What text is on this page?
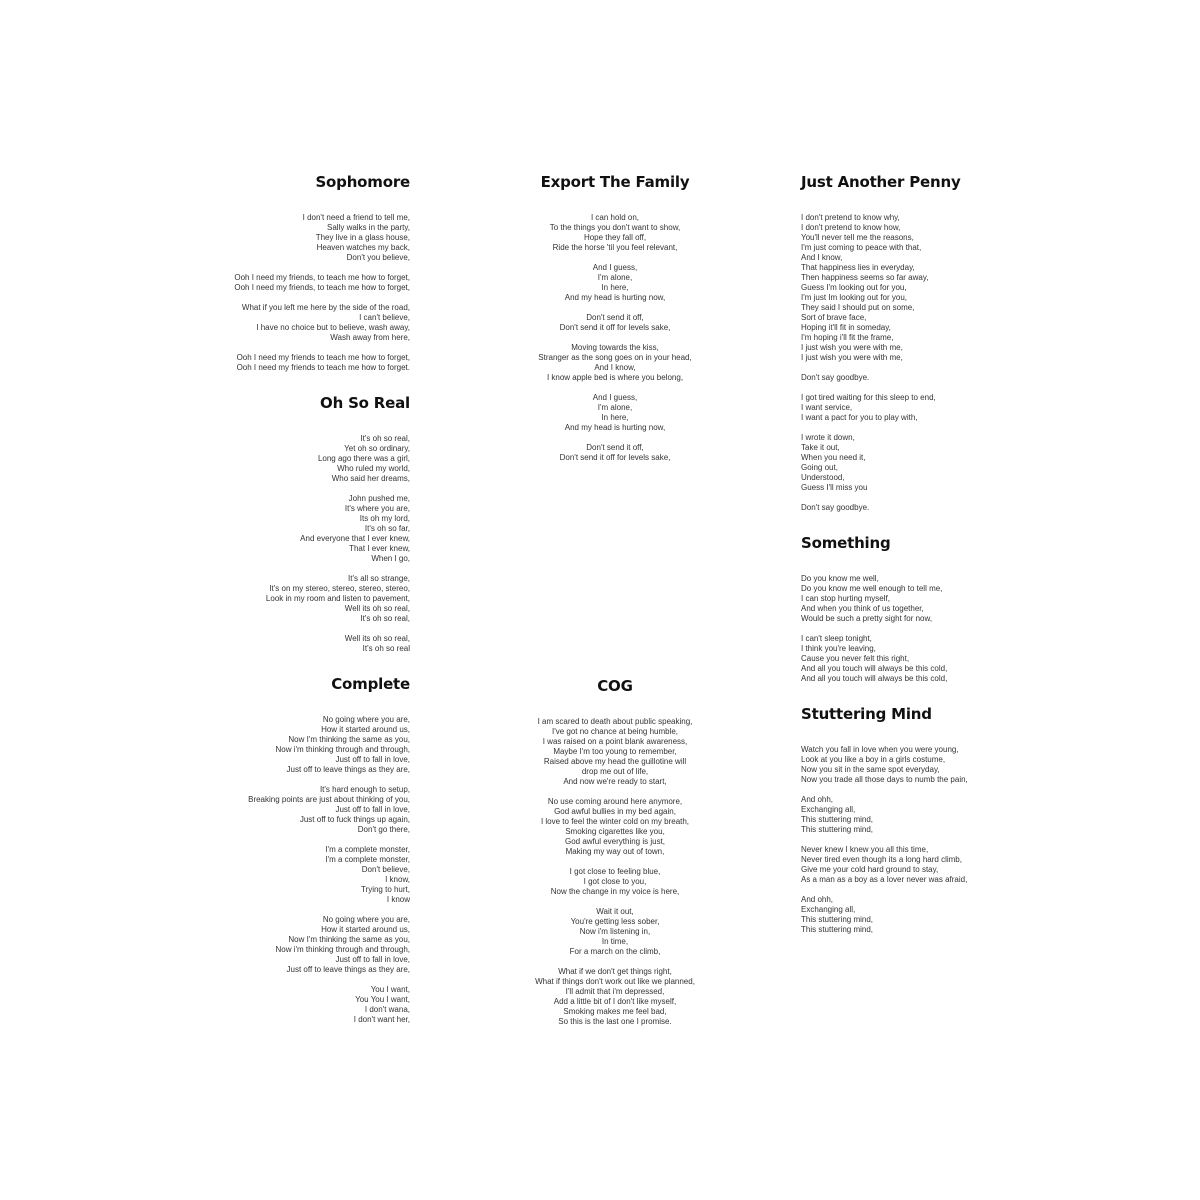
Sophomore
I don't need a friend to tell me,
Sally walks in the party,
They live in a glass house,
Heaven watches my back,
Don't you believe,
Ooh I need my friends, to teach me how to forget,
Ooh I need my friends, to teach me how to forget,
What if you left me here by the side of the road,
I can't believe,
I have no choice but to believe, wash away,
Wash away from here,
Ooh I need my friends to teach me how to forget,
Ooh I need my friends to teach me how to forget.
Oh So Real
It's oh so real,
Yet oh so ordinary,
Long ago there was a girl,
Who ruled my world,
Who said her dreams,
John pushed me,
It's where you are,
Its oh my lord,
It's oh so far,
And everyone that I ever knew,
That I ever knew,
When I go,
It's all so strange,
It's on my stereo, stereo, stereo, stereo,
Look in my room and listen to pavement,
Well its oh so real,
It's oh so real,
Well its oh so real,
It's oh so real
Complete
No going where you are,
How it started around us,
Now I'm thinking the same as you,
Now i'm thinking through and through,
Just off to fall in love,
Just off to leave things as they are,
It's hard enough to setup,
Breaking points are just about thinking of you,
Just off to fall in love,
Just off to fuck things up again,
Don't go there,
I'm a complete monster,
I'm a complete monster,
Don't believe,
I know,
Trying to hurt,
I know
No going where you are,
How it started around us,
Now I'm thinking the same as you,
Now i'm thinking through and through,
Just off to fall in love,
Just off to leave things as they are,
You I want,
You You I want,
I don't wana,
I don't want her,
Export The Family
I can hold on,
To the things you don't want to show,
Hope they fall off,
Ride the horse 'til you feel relevant,
And I guess,
I'm alone,
In here,
And my head is hurting now,
Don't send it off,
Don't send it off for levels sake,
Moving towards the kiss,
Stranger as the song goes on in your head,
And I know,
I know apple bed is where you belong,
And I guess,
I'm alone,
In here,
And my head is hurting now,
Don't send it off,
Don't send it off for levels sake,
COG
I am scared to death about public speaking,
I've got no chance at being humble,
I was raised on a point blank awareness,
Maybe I'm too young to remember,
Raised above my head the guillotine will
drop me out of life,
And now we're ready to start,
No use coming around here anymore,
God awful bullies in my bed again,
I love to feel the winter cold on my breath,
Smoking cigarettes like you,
God awful everything is just,
Making my way out of town,
I got close to feeling blue,
I got close to you,
Now the change in my voice is here,
Wait it out,
You're getting less sober,
Now i'm listening in,
In time,
For a march on the climb,
What if we don't get things right,
What if things don't work out like we planned,
I'll admit that i'm depressed,
Add a little bit of I don't like myself,
Smoking makes me feel bad,
So this is the last one I promise.
Just Another Penny
I don't pretend to know why,
I don't pretend to know how,
You'll never tell me the reasons,
I'm just coming to peace with that,
And I know,
That happiness lies in everyday,
Then happiness seems so far away,
Guess I'm looking out for you,
I'm just Im looking out for you,
They said I should put on some,
Sort of brave face,
Hoping it'll fit in someday,
I'm hoping i'll fit the frame,
I just wish you were with me,
I just wish you were with me,
Don't say goodbye.
I got tired waiting for this sleep to end,
I want service,
I want a pact for you to play with,
I wrote it down,
Take it out,
When you need it,
Going out,
Understood,
Guess I'll miss you
Don't say goodbye.
Something
Do you know me well,
Do you know me well enough to tell me,
I can stop hurting myself,
And when you think of us together,
Would be such a pretty sight for now,
I can't sleep tonight,
I think you're leaving,
Cause you never felt this right,
And all you touch will always be this cold,
And all you touch will always be this cold,
Stuttering Mind
Watch you fall in love when you were young,
Look at you like a boy in a girls costume,
Now you sit in the same spot everyday,
Now you trade all those days to numb the pain,
And ohh,
Exchanging all,
This stuttering mind,
This stuttering mind,
Never knew I knew you all this time,
Never tired even though its a long hard climb,
Give me your cold hard ground to stay,
As a man as a boy as a lover never was afraid,
And ohh,
Exchanging all,
This stuttering mind,
This stuttering mind,
